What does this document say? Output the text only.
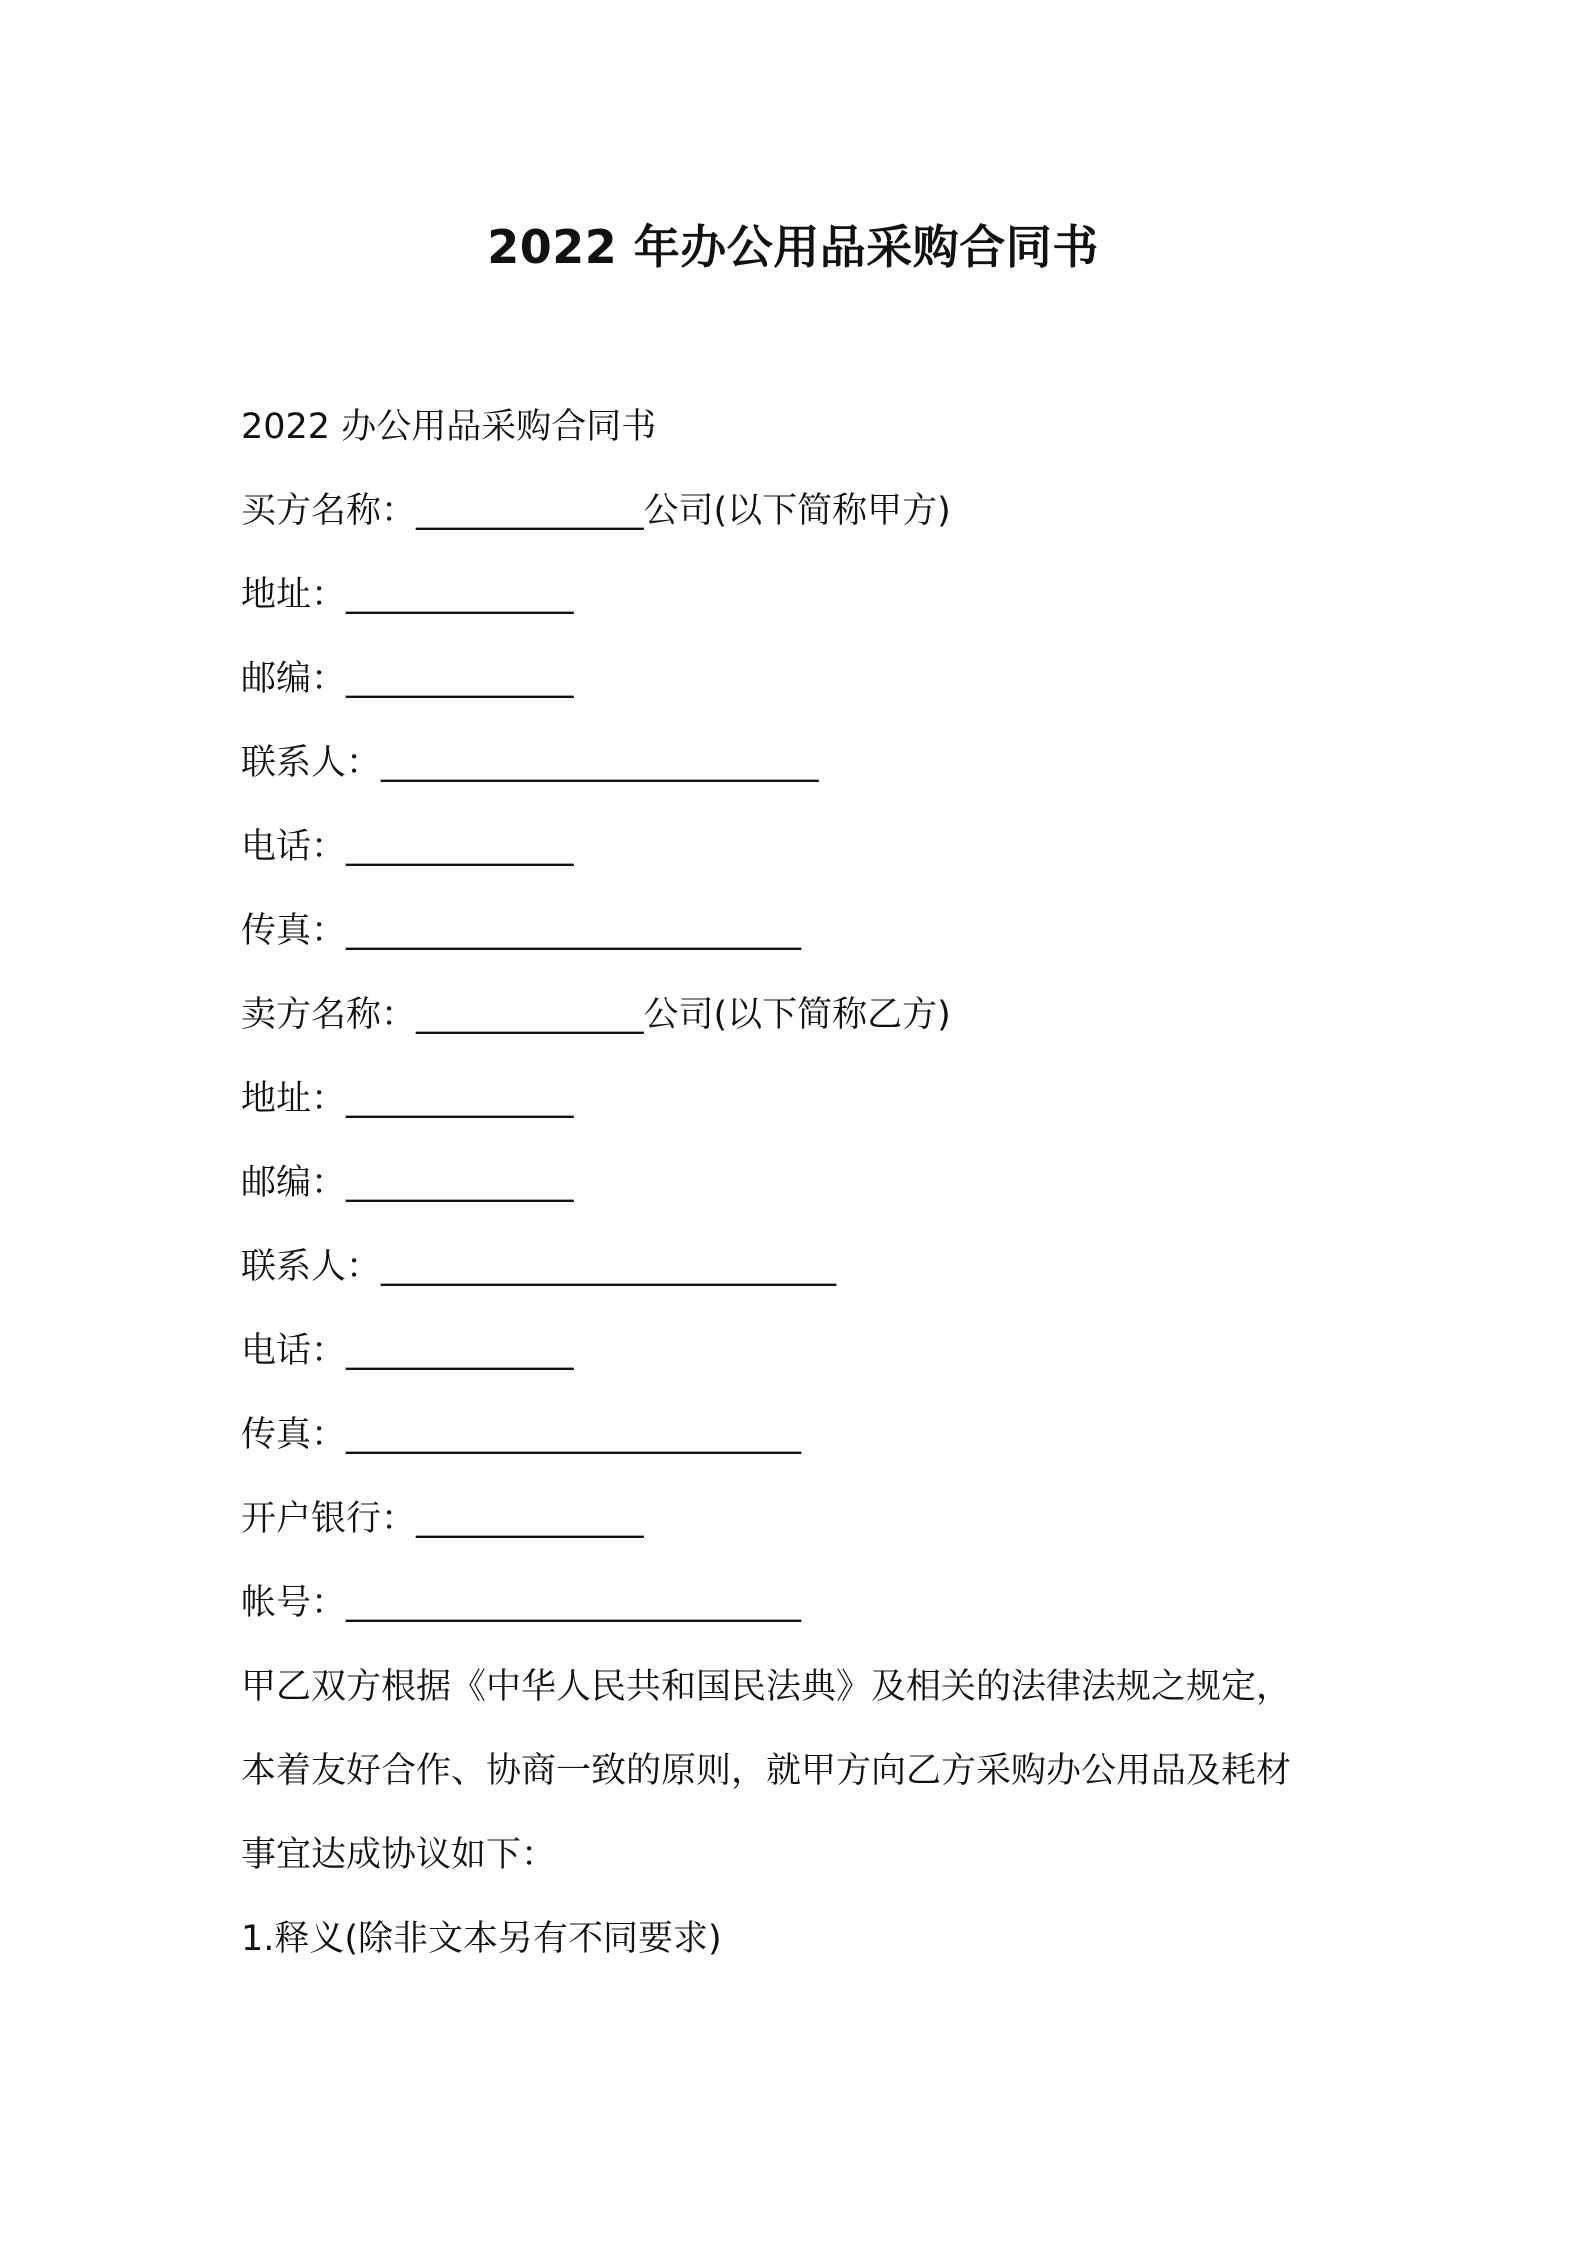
2022 年办公用品采购合同书
2022 办公用品采购合同书
买方名称：_____________公司(以下简称甲方)
地址：_____________
邮编：_____________
联系人：_________________________
电话：_____________
传真：__________________________
卖方名称：_____________公司(以下简称乙方)
地址：_____________
邮编：_____________
联系人：__________________________
电话：_____________
传真：__________________________
开户银行：_____________
帐号：__________________________
甲乙双方根据《中华人民共和国民法典》及相关的法律法规之规定，
本着友好合作、协商一致的原则，就甲方向乙方采购办公用品及耗材
事宜达成协议如下：
1.释义(除非文本另有不同要求)
